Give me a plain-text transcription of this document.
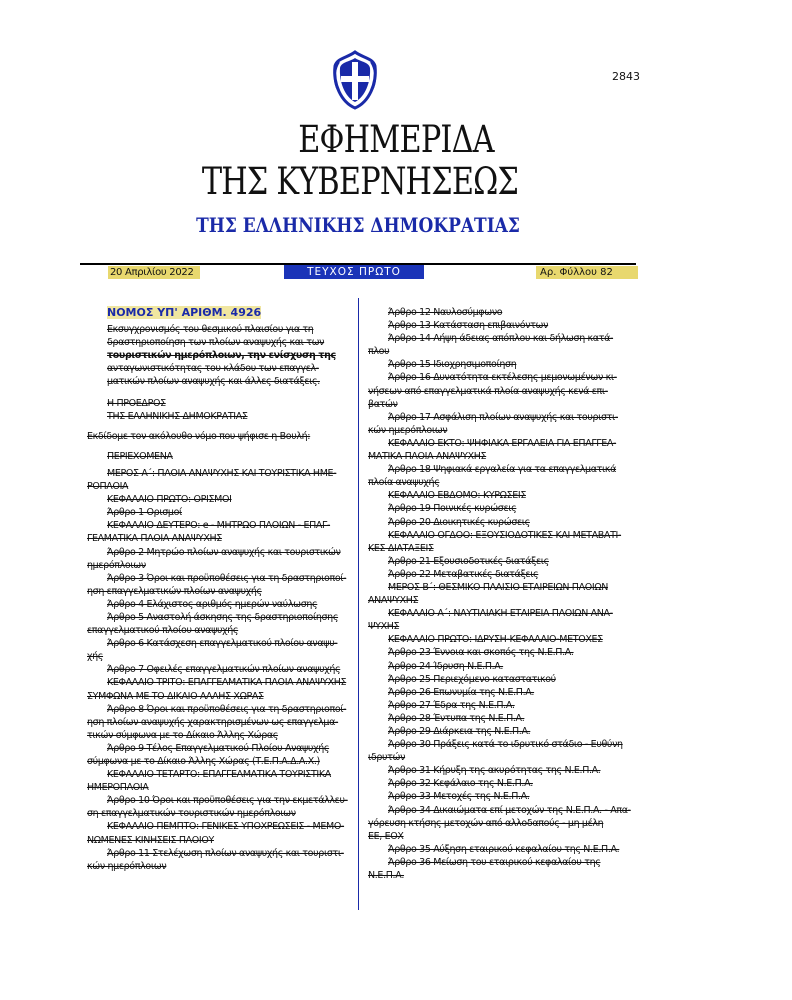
2843
ΕΦΗΜΕΡΙΔΑ
ΤΗΣ ΚΥΒΕΡΝΗΣΕΩΣ
ΤΗΣ ΕΛΛΗΝΙΚΗΣ ΔΗΜΟΚΡΑΤΙΑΣ
20 Απριλίου 2022	ΤΕΥΧΟΣ ΠΡΩΤΟ	Αρ. Φύλλου 82
ΝΟΜΟΣ ΥΠ' ΑΡΙΘΜ. 4926
Εκσυγχρονισμός του θεσμικού πλαισίου για τη
δραστηριοποίηση των πλοίων αναψυχής και των
τουριστικών ημερόπλοιων, την ενίσχυση της
ανταγωνιστικότητας του κλάδου των επαγγελ-
ματικών πλοίων αναψυχής και άλλες διατάξεις.
Η ΠΡΟΕΔΡΟΣ
ΤΗΣ ΕΛΛΗΝΙΚΗΣ ΔΗΜΟΚΡΑΤΙΑΣ
Εκδίδομε τον ακόλουθο νόμο που ψήφισε η Βουλή:
ΠΕΡΙΕΧΟΜΕΝΑ
ΜΕΡΟΣ Α΄: ΠΛΟΙΑ ΑΝΑΨΥΧΗΣ ΚΑΙ ΤΟΥΡΙΣΤΙΚΑ ΗΜΕ-
ΡΟΠΛΟΙΑ
ΚΕΦΑΛΑΙΟ ΠΡΩΤΟ: ΟΡΙΣΜΟΙ
Άρθρο 1 Ορισμοί
ΚΕΦΑΛΑΙΟ ΔΕΥΤΕΡΟ: e - ΜΗΤΡΩΟ ΠΛΟΙΩΝ - ΕΠΑΓ-
ΓΕΛΜΑΤΙΚΑ ΠΛΟΙΑ ΑΝΑΨΥΧΗΣ
Άρθρο 2 Μητρώο πλοίων αναψυχής και τουριστικών
ημερόπλοιων
Άρθρο 3 Όροι και προϋποθέσεις για τη δραστηριοποί-
ηση επαγγελματικών πλοίων αναψυχής
Άρθρο 4 Ελάχιστος αριθμός ημερών ναύλωσης
Άρθρο 5 Αναστολή άσκησης της δραστηριοποίησης
επαγγελματικού πλοίου αναψυχής
Άρθρο 6 Κατάσχεση επαγγελματικού πλοίου αναψυ-
χής
Άρθρο 7 Οφειλές επαγγελματικών πλοίων αναψυχής
ΚΕΦΑΛΑΙΟ ΤΡΙΤΟ: ΕΠΑΓΓΕΛΜΑΤΙΚΑ ΠΛΟΙΑ ΑΝΑΨΥΧΗΣ
ΣΥΜΦΩΝΑ ΜΕ ΤΟ ΔΙΚΑΙΟ ΑΛΛΗΣ ΧΩΡΑΣ
Άρθρο 8 Όροι και προϋποθέσεις για τη δραστηριοποί-
ηση πλοίων αναψυχής χαρακτηρισμένων ως επαγγελμα-
τικών σύμφωνα με το Δίκαιο Άλλης Χώρας
Άρθρο 9 Τέλος Επαγγελματικού Πλοίου Αναψυχής
σύμφωνα με το Δίκαιο Άλλης Χώρας (Τ.Ε.Π.Α.Δ.Α.Χ.)
ΚΕΦΑΛΑΙΟ ΤΕΤΑΡΤΟ: ΕΠΑΓΓΕΛΜΑΤΙΚΑ ΤΟΥΡΙΣΤΙΚΑ
ΗΜΕΡΟΠΛΟΙΑ
Άρθρο 10 Όροι και προϋποθέσεις για την εκμετάλλευ-
ση επαγγελματικών τουριστικών ημερόπλοιων
ΚΕΦΑΛΑΙΟ ΠΕΜΠΤΟ: ΓΕΝΙΚΕΣ ΥΠΟΧΡΕΩΣΕΙΣ - ΜΕΜΟ-
ΝΩΜΕΝΕΣ ΚΙΝΗΣΕΙΣ ΠΛΟΙΟΥ
Άρθρο 11 Στελέχωση πλοίων αναψυχής και τουριστι-
κών ημερόπλοιων
Άρθρο 12 Ναυλοσύμφωνο
Άρθρο 13 Κατάσταση επιβαινόντων
Άρθρο 14 Λήψη άδειας απόπλου και δήλωση κατά-
πλου
Άρθρο 15 Ιδιοχρησιμοποίηση
Άρθρο 16 Δυνατότητα εκτέλεσης μεμονωμένων κι-
νήσεων από επαγγελματικά πλοία αναψυχής κενά επι-
βατών
Άρθρο 17 Ασφάλιση πλοίων αναψυχής και τουριστι-
κών ημερόπλοιων
ΚΕΦΑΛΑΙΟ ΕΚΤΟ: ΨΗΦΙΑΚΑ ΕΡΓΑΛΕΙΑ ΓΙΑ ΕΠΑΓΓΕΛ-
ΜΑΤΙΚΑ ΠΛΟΙΑ ΑΝΑΨΥΧΗΣ
Άρθρο 18 Ψηφιακά εργαλεία για τα επαγγελματικά
πλοία αναψυχής
ΚΕΦΑΛΑΙΟ ΕΒΔΟΜΟ: ΚΥΡΩΣΕΙΣ
Άρθρο 19 Ποινικές κυρώσεις
Άρθρο 20 Διοικητικές κυρώσεις
ΚΕΦΑΛΑΙΟ ΟΓΔΟΟ: ΕΞΟΥΣΙΟΔΟΤΙΚΕΣ ΚΑΙ ΜΕΤΑΒΑΤΙ-
ΚΕΣ ΔΙΑΤΑΞΕΙΣ
Άρθρο 21 Εξουσιοδοτικές διατάξεις
Άρθρο 22 Μεταβατικές διατάξεις
ΜΕΡΟΣ Β΄: ΘΕΣΜΙΚΟ ΠΛΑΙΣΙΟ ΕΤΑΙΡΕΙΩΝ ΠΛΟΙΩΝ
ΑΝΑΨΥΧΗΣ
ΚΕΦΑΛΑΙΟ Α΄: ΝΑΥΤΙΛΙΑΚΗ ΕΤΑΙΡΕΙΑ ΠΛΟΙΩΝ ΑΝΑ-
ΨΥΧΗΣ
ΚΕΦΑΛΑΙΟ ΠΡΩΤΟ: ΙΔΡΥΣΗ-ΚΕΦΑΛΑΙΟ-ΜΕΤΟΧΕΣ
Άρθρο 23 Έννοια και σκοπός της Ν.Ε.Π.Α.
Άρθρο 24 Ίδρυση Ν.Ε.Π.Α.
Άρθρο 25 Περιεχόμενο καταστατικού
Άρθρο 26 Επωνυμία της Ν.Ε.Π.Α.
Άρθρο 27 Έδρα της Ν.Ε.Π.Α.
Άρθρο 28 Έντυπα της Ν.Ε.Π.Α.
Άρθρο 29 Διάρκεια της Ν.Ε.Π.Α.
Άρθρο 30 Πράξεις κατά το ιδρυτικό στάδιο - Ευθύνη
ιδρυτών
Άρθρο 31 Κήρυξη της ακυρότητας της Ν.Ε.Π.Α.
Άρθρο 32 Κεφάλαιο της Ν.Ε.Π.Α.
Άρθρο 33 Μετοχές της Ν.Ε.Π.Α.
Άρθρο 34 Δικαιώματα επί μετοχών της Ν.Ε.Π.Α. - Απα-
γόρευση κτήσης μετοχών από αλλοδαπούς - μη μέλη
ΕΕ, ΕΟΧ
Άρθρο 35 Αύξηση εταιρικού κεφαλαίου της Ν.Ε.Π.Α.
Άρθρο 36 Μείωση του εταιρικού κεφαλαίου της
Ν.Ε.Π.Α.
